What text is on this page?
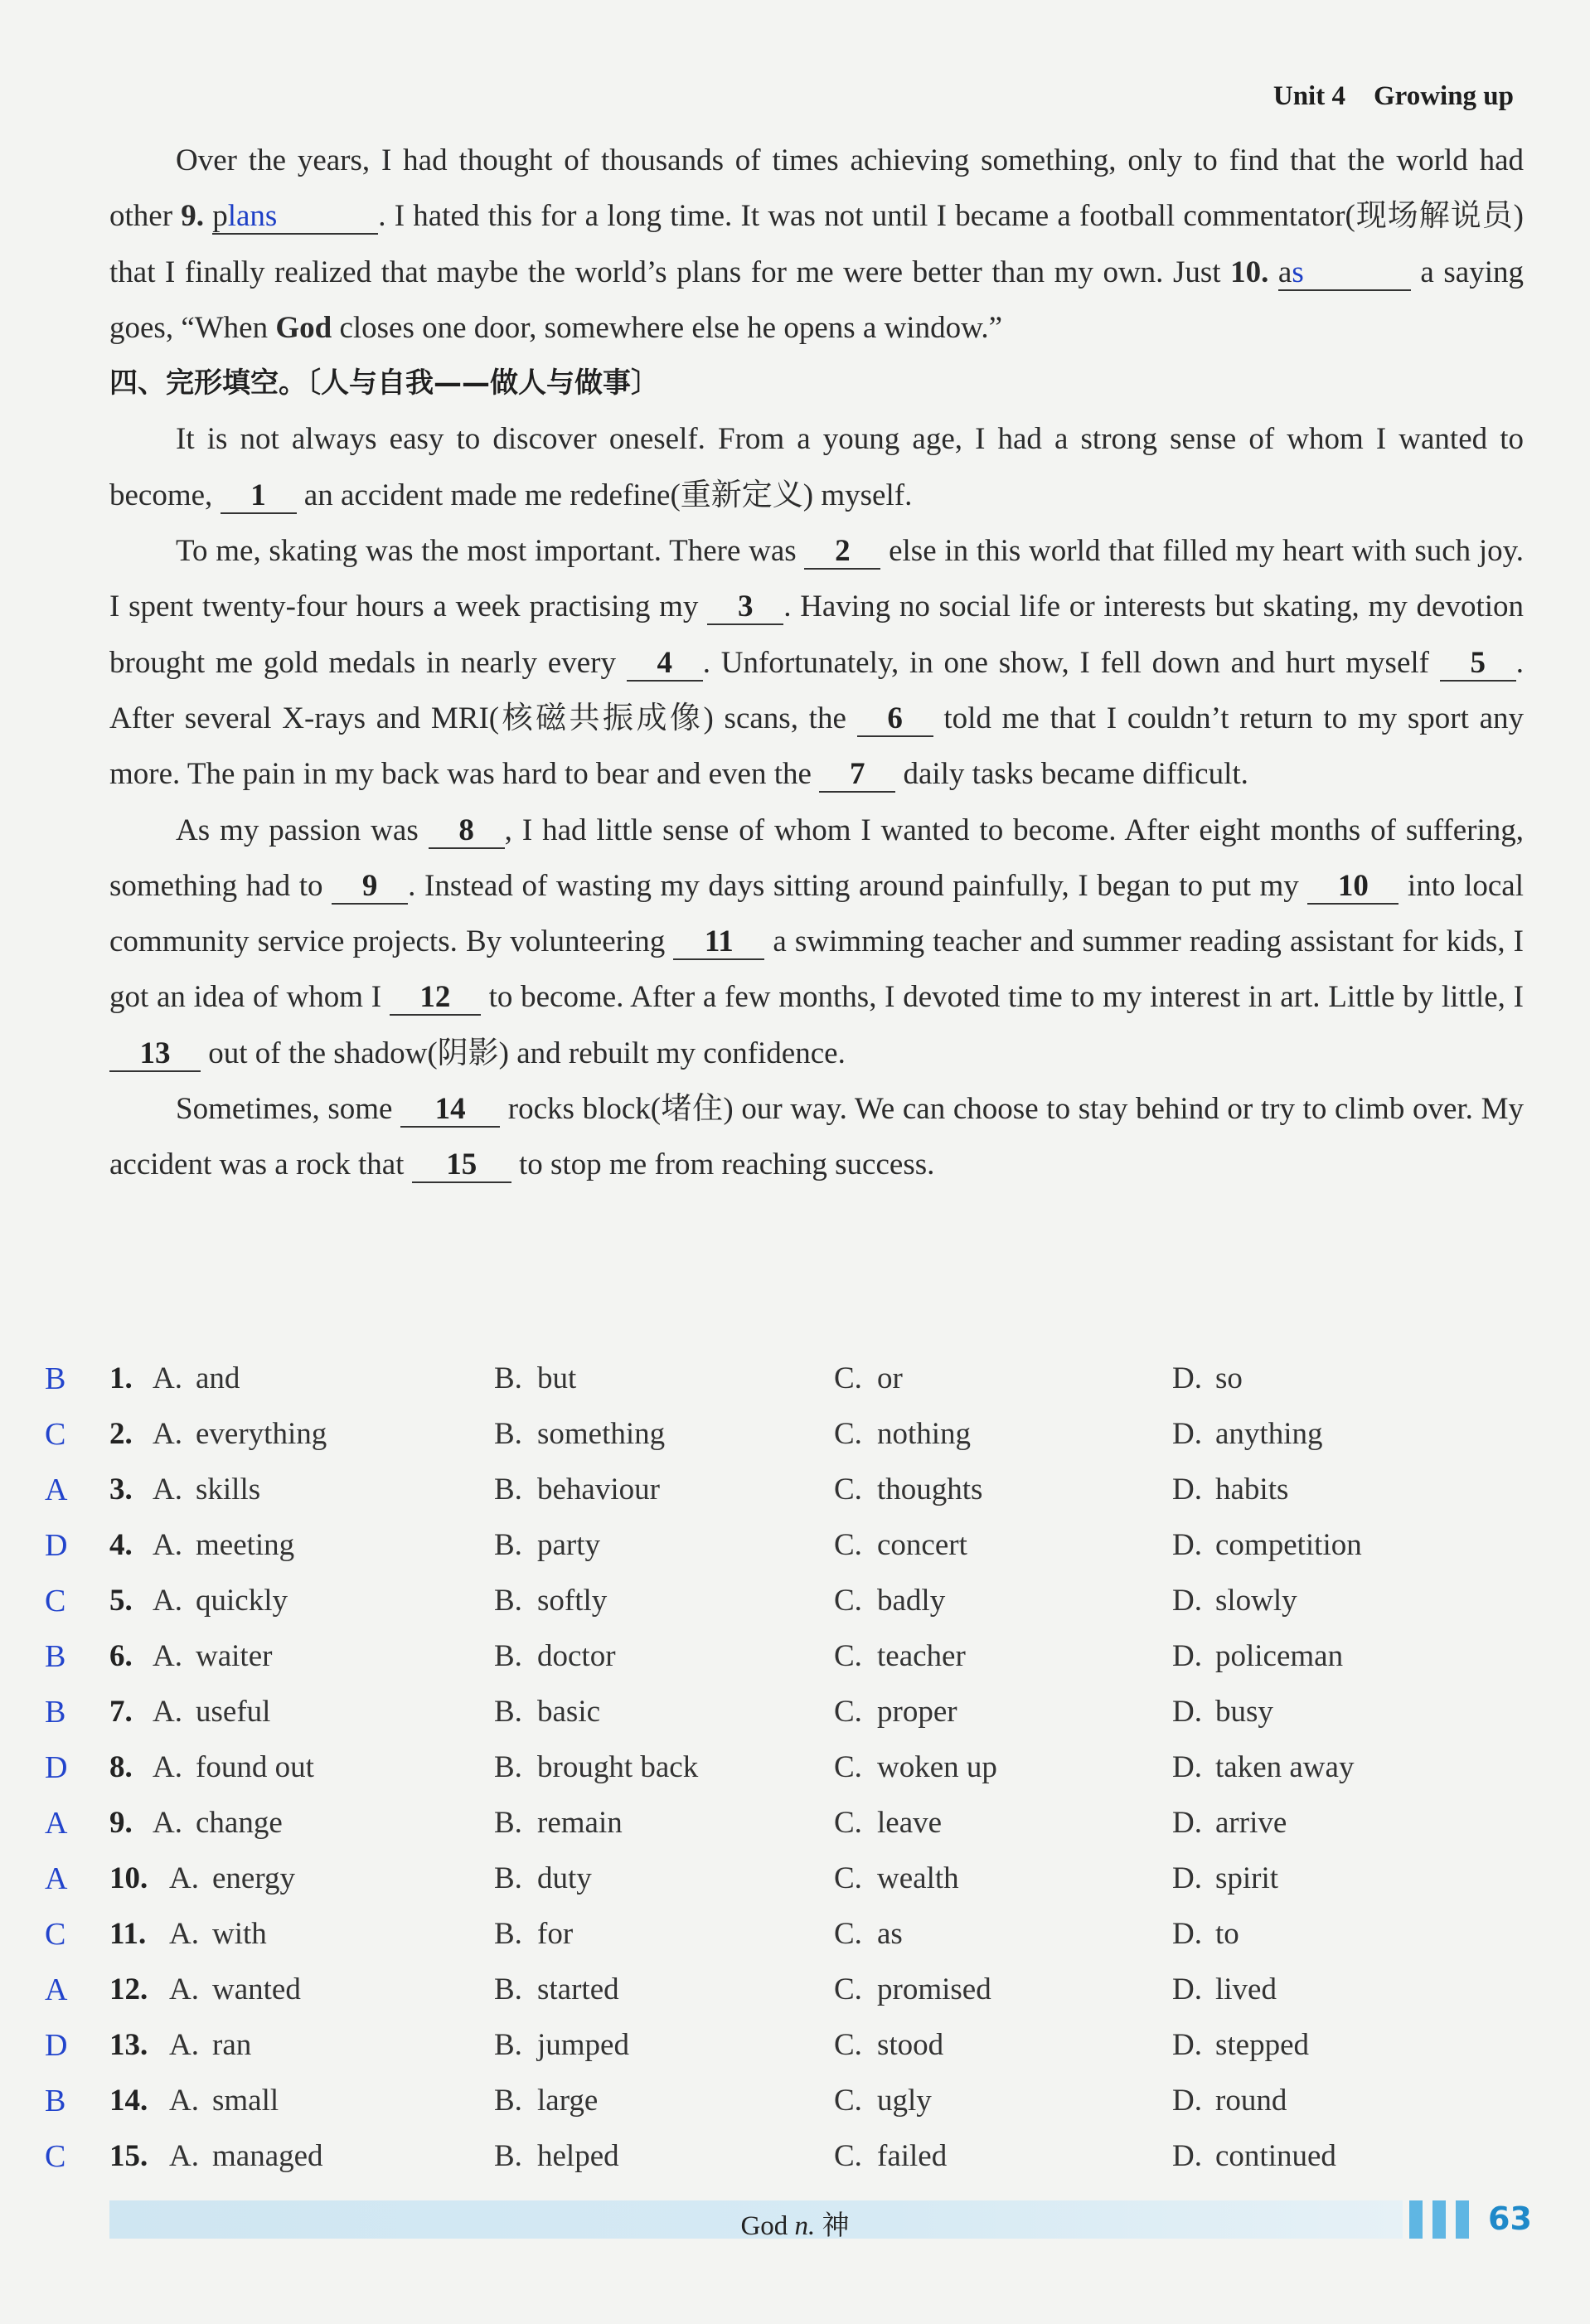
Unit 4 Growing up

Over the years, I had thought of thousands of times achieving something, only to find that the world had other 9. plans	. I hated this for a long time. It was not until I became a football commentator(现场解说员) that I finally realized that maybe the world’s plans for me were better than my own. Just 10. as	a saying goes, “When God closes one door, somewhere else he opens a window.”

四、完形填空。〔人与自我——做人与做事〕

It is not always easy to discover oneself. From a young age, I had a strong sense of whom I wanted to become, 1 an accident made me redefine(重新定义) myself.

To me, skating was the most important. There was 2 else in this world that filled my heart with such joy. I spent twenty-four hours a week practising my 3 . Having no social life or interests but skating, my devotion brought me gold medals in nearly every 4 . Unfortunately, in one show, I fell down and hurt myself 5 . After several X-rays and MRI(核磁共振成像) scans, the 6 told me that I couldn’t return to my sport any more. The pain in my back was hard to bear and even the 7 daily tasks became difficult.

As my passion was 8 , I had little sense of whom I wanted to become. After eight months of suffering, something had to 9 . Instead of wasting my days sitting around painfully, I began to put my 10 into local community service projects. By volunteering 11 a swimming teacher and summer reading assistant for kids, I got an idea of whom I 12 to become. After a few months, I devoted time to my interest in art. Little by little, I 13 out of the shadow(阴影) and rebuilt my confidence.

Sometimes, some 14 rocks block(堵住) our way. We can choose to stay behind or try to climb over. My accident was a rock that 15 to stop me from reaching success.

B 1. A. and	B. but	C. or	D. so
C 2. A. everything	B. something	C. nothing	D. anything
A 3. A. skills	B. behaviour	C. thoughts	D. habits
D 4. A. meeting	B. party	C. concert	D. competition
C 5. A. quickly	B. softly	C. badly	D. slowly
B 6. A. waiter	B. doctor	C. teacher	D. policeman
B 7. A. useful	B. basic	C. proper	D. busy
D 8. A. found out	B. brought back	C. woken up	D. taken away
A 9. A. change	B. remain	C. leave	D. arrive
A 10. A. energy	B. duty	C. wealth	D. spirit
C 11. A. with	B. for	C. as	D. to
A 12. A. wanted	B. started	C. promised	D. lived
D 13. A. ran	B. jumped	C. stood	D. stepped
B 14. A. small	B. large	C. ugly	D. round
C 15. A. managed	B. helped	C. failed	D. continued
God n. 神	63
